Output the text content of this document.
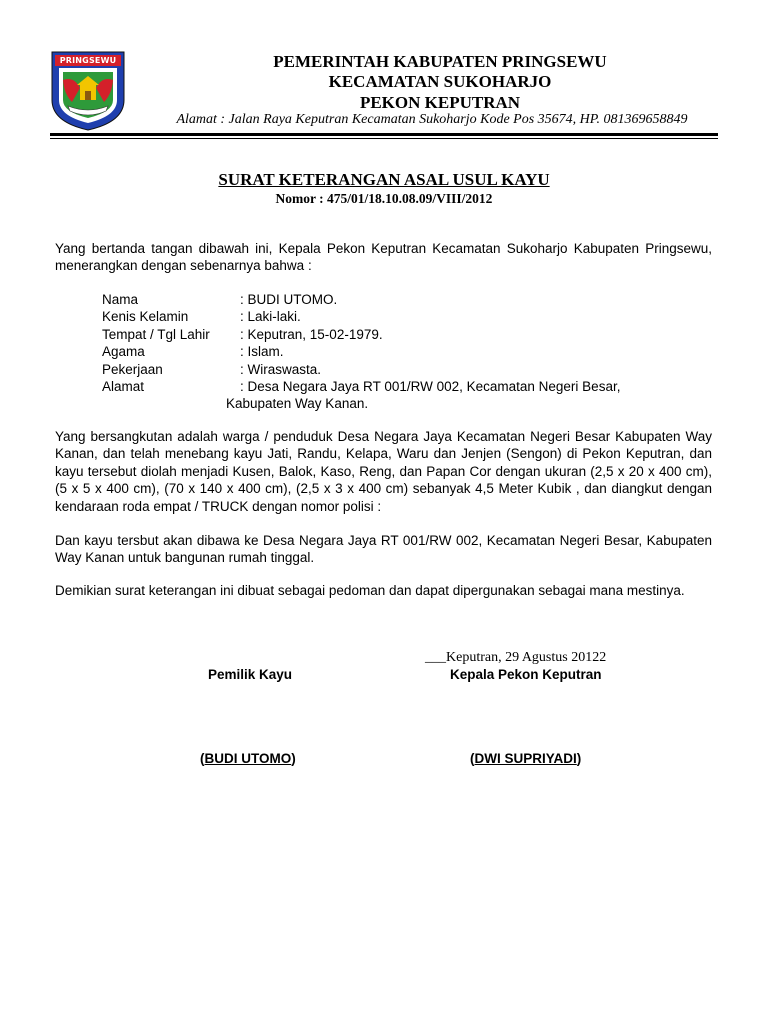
PRINGSEWU	PEMERINTAH KABUPATEN PRINGSEWU
KECAMATAN SUKOHARJO
PEKON KEPUTRAN
Alamat : Jalan Raya Keputran Kecamatan Sukoharjo Kode Pos 35674, HP. 081369658849
SURAT KETERANGAN ASAL USUL KAYU
Nomor : 475/01/18.10.08.09/VIII/2012
Yang bertanda tangan dibawah ini, Kepala Pekon Keputran Kecamatan Sukoharjo Kabupaten Pringsewu, menerangkan dengan sebenarnya bahwa :
Nama	: BUDI UTOMO.
Kenis Kelamin	: Laki-laki.
Tempat / Tgl Lahir	: Keputran, 15-02-1979.
Agama	: Islam.
Pekerjaan	: Wiraswasta.
Alamat	: Desa Negara Jaya RT 001/RW 002, Kecamatan Negeri Besar,
Kabupaten Way Kanan.
Yang bersangkutan adalah warga / penduduk Desa Negara Jaya Kecamatan Negeri Besar Kabupaten Way Kanan, dan telah menebang kayu Jati, Randu, Kelapa, Waru dan Jenjen (Sengon) di Pekon Keputran, dan kayu tersebut diolah menjadi Kusen, Balok, Kaso, Reng, dan Papan Cor dengan ukuran (2,5 x 20 x 400 cm), (5 x 5 x 400 cm), (70 x 140 x 400 cm), (2,5 x 3 x 400 cm) sebanyak 4,5 Meter Kubik , dan diangkut dengan kendaraan roda empat / TRUCK dengan nomor polisi :
Dan kayu tersbut akan dibawa ke Desa Negara Jaya RT 001/RW 002, Kecamatan Negeri Besar, Kabupaten Way Kanan untuk bangunan rumah tinggal.
Demikian surat keterangan ini dibuat sebagai pedoman dan dapat dipergunakan sebagai mana mestinya.
___Keputran, 29 Agustus 20122
Pemilik Kayu	Kepala Pekon Keputran
(BUDI UTOMO)	(DWI SUPRIYADI)
